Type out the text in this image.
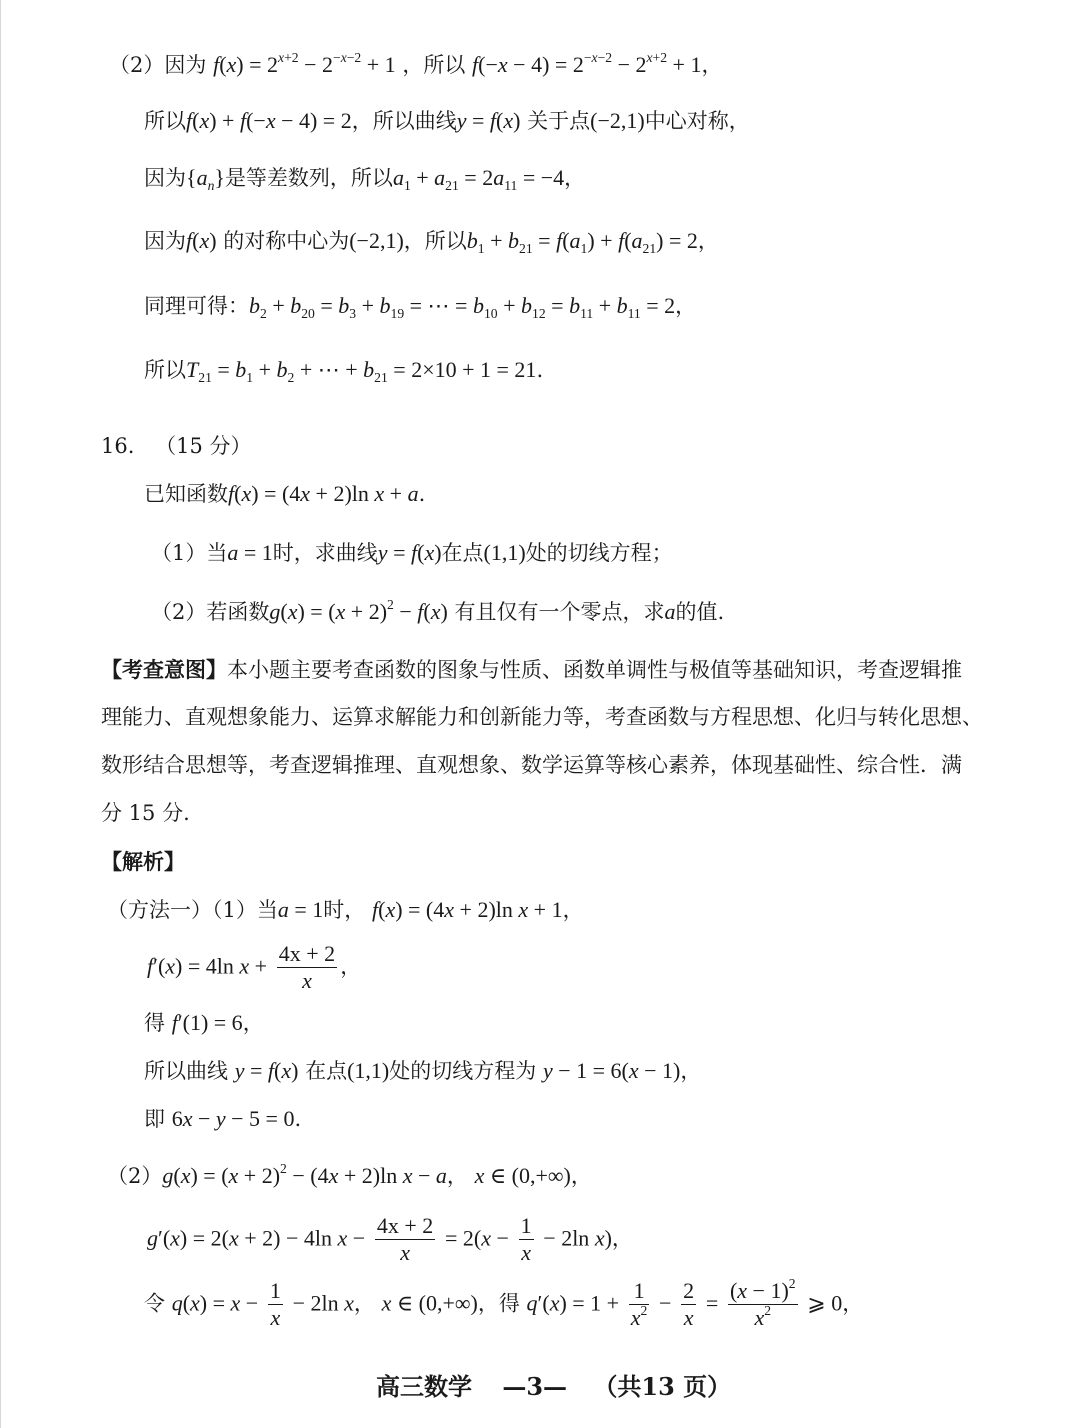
（2）因为 $f(x) = 2^{x+2} - 2^{-x-2} + 1$ ，所以 $f(-x - 4) = 2^{-x-2} - 2^{x+2} + 1$，
所以f(x) + f(−x − 4) = 2，所以曲线y = f(x) 关于点(−2,1)中心对称，
因为$\{a_n\}$是等差数列，所以$a_1 + a_{21} = 2a_{11} = -4$，
因为f(x) 的对称中心为(−2,1)，所以$b_1 + b_{21} = f(a_1) + f(a_{21}) = 2$，
同理可得：$b_2 + b_{20} = b_3 + b_{19}$ = ⋯ = $b_{10} + b_{12} = b_{11} + b_{11} = 2$，
所以$T_{21} = b_1 + b_2$ + ⋯ + $b_{21} = 2\times 10 + 1 = 21$.
16. （15 分）
已知函数f(x) = (4x + 2)ln x + a.
（1）当a = 1时，求曲线y = f(x)在点(1,1)处的切线方程；
（2）若函数$g(x) = (x + 2)^2 - f(x)$ 有且仅有一个零点，求a的值.
【考查意图】本小题主要考查函数的图象与性质、函数单调性与极值等基础知识，考查逻辑推
理能力、直观想象能力、运算求解能力和创新能力等，考查函数与方程思想、化归与转化思想、
数形结合思想等，考查逻辑推理、直观想象、数学运算等核心素养，体现基础性、综合性．满
分 15 分.
【解析】
（方法一）（1）当a = 1时， f(x) = (4x + 2)ln x + 1，
f′(x) = 4ln $x + \frac{4x + 2}{x}$ ，
得 f′(1) = 6，
所以曲线 y = f(x) 在点(1,1)处的切线方程为 y − 1 = 6(x − 1)，
即 6x − y − 5 = 0.
$(2)g(x) = (x + 2)^2 - (4x + 2)\ln$ x − a， x ∈ (0,+∞)，
g′(x) = 2(x + 2) − 4ln $x - \frac{4x + 2}{x} = 2(x - \frac{1}{x} - 2\ln$ x)，
令 $q(x) = x - \frac{1}{x} - 2\ln$ x， x ∈ (0,+∞)，得 $q'(x) = 1 + \frac{1}{x^2} - \frac{2}{x} = \frac{(x - 1)^2}{x^2}$ ⩾ 0，
高三数学 —3— （共13 页）
